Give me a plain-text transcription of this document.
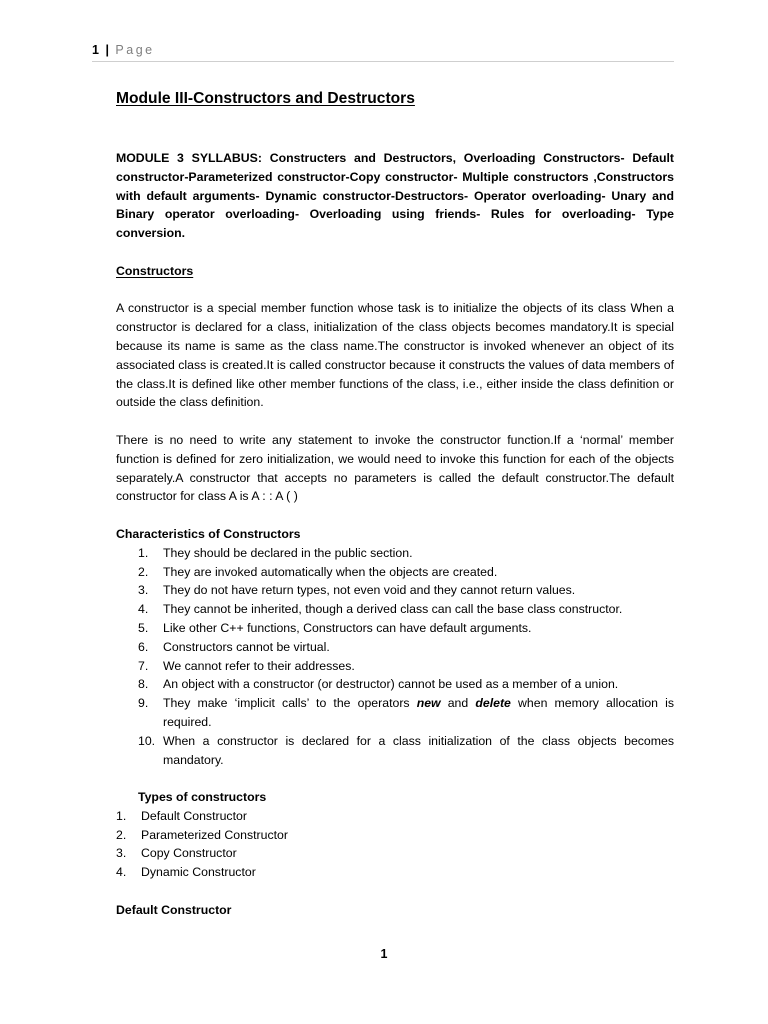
1 | Page
Module III-Constructors and Destructors

MODULE 3 SYLLABUS: Constructers and Destructors, Overloading Constructors- Default constructor-Parameterized constructor-Copy constructor- Multiple constructors ,Constructors with default arguments- Dynamic constructor-Destructors- Operator overloading- Unary and Binary operator overloading- Overloading using friends- Rules for overloading- Type conversion.

Constructors

A constructor is a special member function whose task is to initialize the objects of its class When a constructor is declared for a class, initialization of the class objects becomes mandatory.It is special because its name is same as the class name.The constructor is invoked whenever an object of its associated class is created.It is called constructor because it constructs the values of data members of the class.It is defined like other member functions of the class, i.e., either inside the class definition or outside the class definition.

There is no need to write any statement to invoke the constructor function.If a ‘normal’ member function is defined for zero initialization, we would need to invoke this function for each of the objects separately.A constructor that accepts no parameters is called the default constructor.The default constructor for class A is A : : A ( )

Characteristics of Constructors
1. They should be declared in the public section.
2. They are invoked automatically when the objects are created.
3. They do not have return types, not even void and they cannot return values.
4. They cannot be inherited, though a derived class can call the base class constructor.
5. Like other C++ functions, Constructors can have default arguments.
6. Constructors cannot be virtual.
7. We cannot refer to their addresses.
8. An object with a constructor (or destructor) cannot be used as a member of a union.
9. They make ‘implicit calls’ to the operators new and delete when memory allocation is required.
10. When a constructor is declared for a class initialization of the class objects becomes mandatory.
Types of constructors
1. Default Constructor
2. Parameterized Constructor
3. Copy Constructor
4. Dynamic Constructor
Default Constructor
1
